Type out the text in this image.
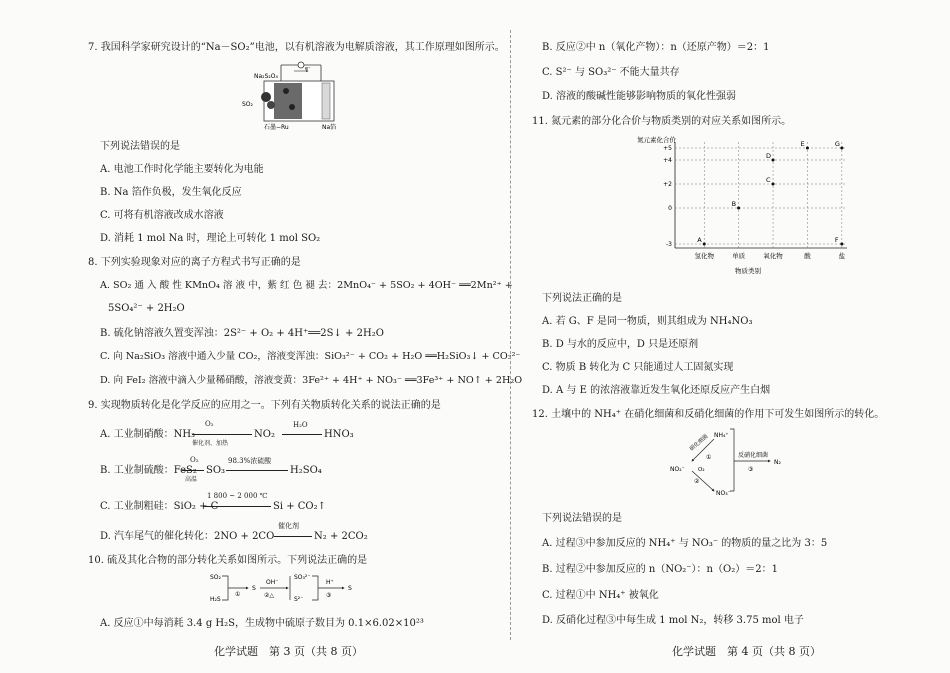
7. 我国科学家研究设计的“Na－SO₂”电池，以有机溶液为电解质溶液，其工作原理如图所示。
Na₂S₂O₄
SO₂
e⁻
石墨−Ru	Na箔
下列说法错误的是
A. 电池工作时化学能主要转化为电能
B. Na 箔作负极，发生氧化反应
C. 可将有机溶液改成水溶液
D. 消耗 1 mol Na 时，理论上可转化 1 mol SO₂
8. 下列实验现象对应的离子方程式书写正确的是
A. SO₂ 通 入 酸 性 KMnO₄ 溶 液 中，紫 红 色 褪 去：2MnO₄⁻ + 5SO₂ + 4OH⁻ ══2Mn²⁺ +
5SO₄²⁻ + 2H₂O
B. 硫化钠溶液久置变浑浊：2S²⁻ + O₂ + 4H⁺══2S↓ + 2H₂O
C. 向 Na₂SiO₃ 溶液中通入少量 CO₂，溶液变浑浊：SiO₃²⁻ + CO₂ + H₂O ══H₂SiO₃↓ + CO₃²⁻
D. 向 FeI₂ 溶液中滴入少量稀硝酸，溶液变黄：3Fe²⁺ + 4H⁺ + NO₃⁻ ══3Fe³⁺ + NO↑ + 2H₂O
9. 实现物质转化是化学反应的应用之一。下列有关物质转化关系的说法正确的是
A. 工业制硝酸：NH₃
O₂
催化剂、加热
NO₂
H₂O
HNO₃
B. 工业制硫酸：FeS₂
O₂
高温
SO₃
98.3%浓硫酸
H₂SO₄
C. 工业制粗硅：SiO₂ + C
1 800 ~ 2 000 ℃
Si + CO₂↑
D. 汽车尾气的催化转化：2NO + 2CO
催化剂
N₂ + 2CO₂
10. 硫及其化合物的部分转化关系如图所示。下列说法正确的是
SO₂
H₂S
①
S
OH⁻
②△
SO₃²⁻
S²⁻
H⁺
③
S
A. 反应①中每消耗 3.4 g H₂S，生成物中硫原子数目为 0.1×6.02×10²³
化学试题　第 3 页（共 8 页）
B. 反应②中 n（氧化产物）：n（还原产物）＝2：1
C. S²⁻ 与 SO₃²⁻ 不能大量共存
D. 溶液的酸碱性能够影响物质的氧化性强弱
11. 氮元素的部分化合价与物质类别的对应关系如图所示。
氮元素化合价
物质类别
-3
0
+2
+4
+5
氢化物	单质	氧化物	酸	盐
A
B
C
D
E
F
G
下列说法正确的是
A. 若 G、F 是同一物质，则其组成为 NH₄NO₃
B. D 与水的反应中，D 只是还原剂
C. 物质 B 转化为 C 只能通过人工固氮实现
D. A 与 E 的浓溶液靠近发生氧化还原反应产生白烟
12. 土壤中的 NH₄⁺ 在硝化细菌和反硝化细菌的作用下可发生如图所示的转化。
NH₄⁺
硝化细菌
①
NO₂⁻
②
O₂
NO₃⁻
反硝化细菌
③
N₂
下列说法错误的是
A. 过程③中参加反应的 NH₄⁺ 与 NO₃⁻ 的物质的量之比为 3：5
B. 过程②中参加反应的 n（NO₂⁻）：n（O₂）＝2：1
C. 过程①中 NH₄⁺ 被氧化
D. 反硝化过程③中每生成 1 mol N₂，转移 3.75 mol 电子
化学试题　第 4 页（共 8 页）
